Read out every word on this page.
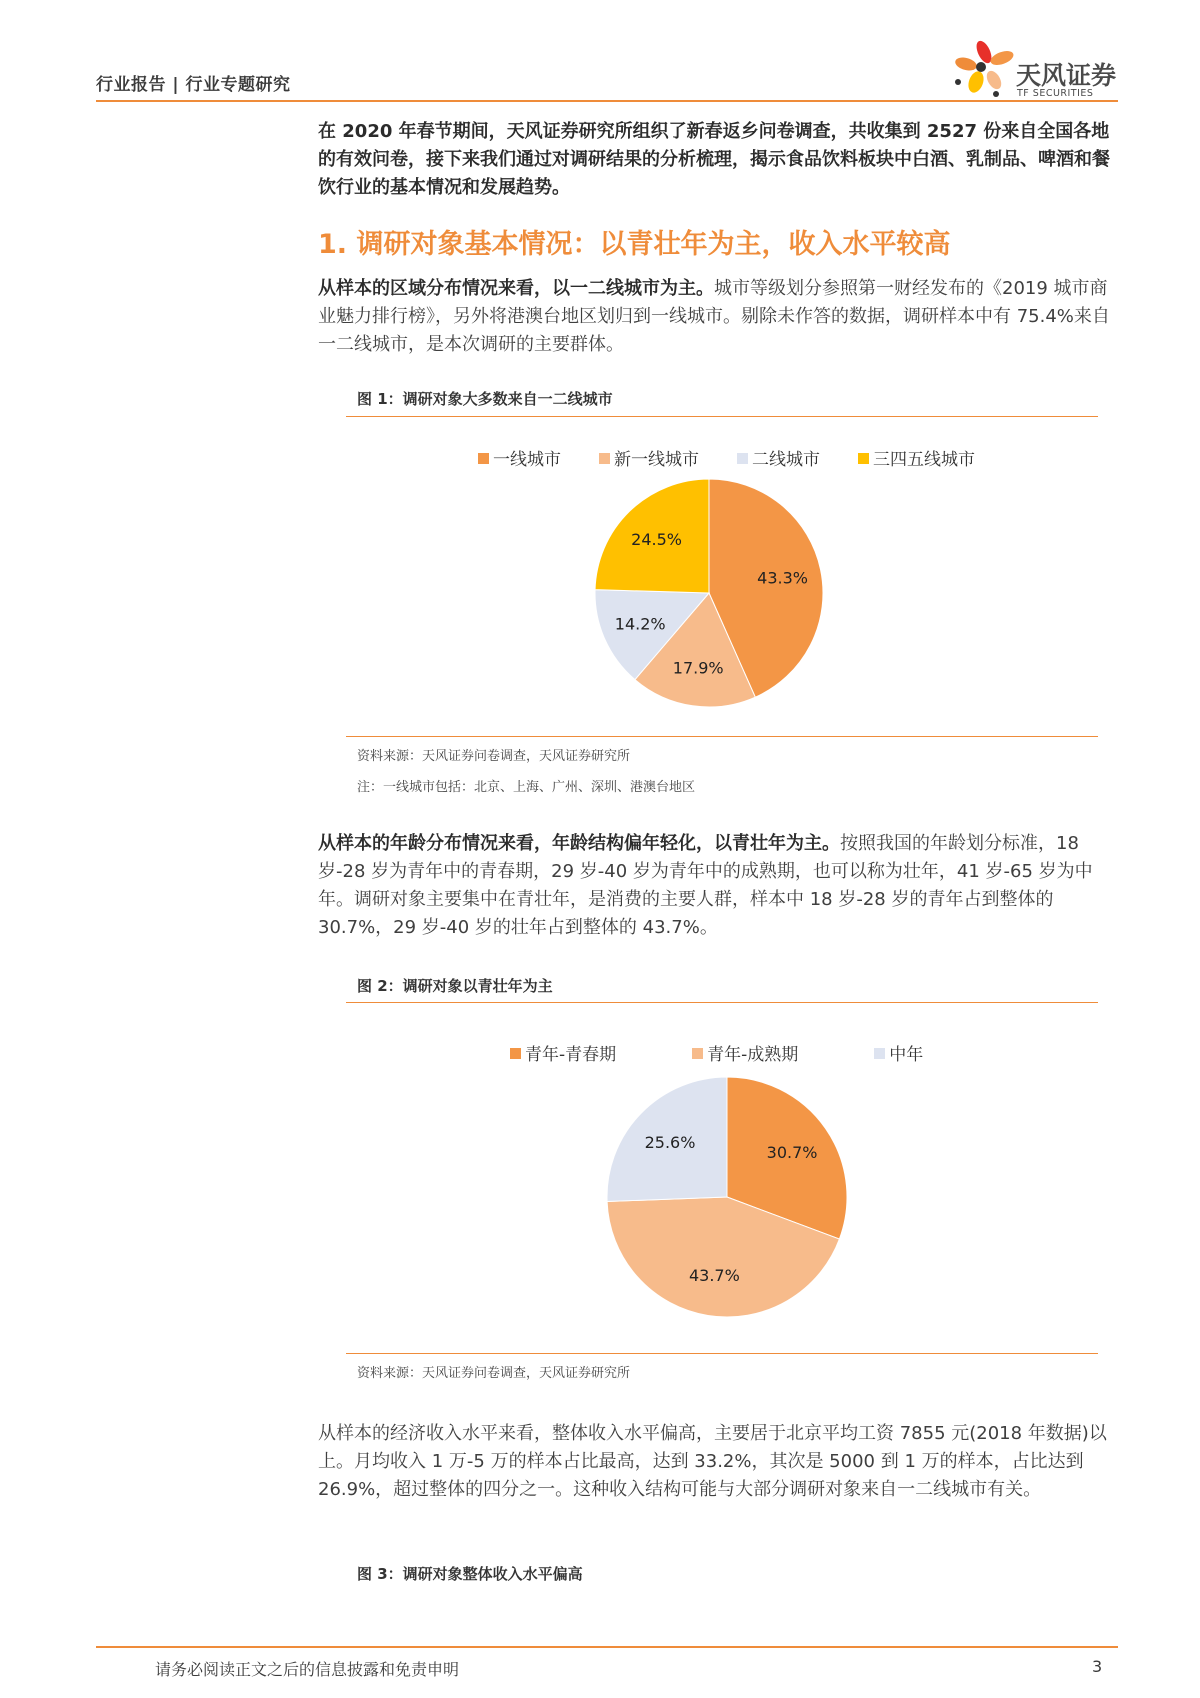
行业报告 | 行业专题研究	天风证券
TF SECURITIES

在 2020 年春节期间，天风证券研究所组织了新春返乡问卷调查，共收集到 2527 份来自全国各地的有效问卷，接下来我们通过对调研结果的分析梳理，揭示食品饮料板块中白酒、乳制品、啤酒和餐饮行业的基本情况和发展趋势。

1. 调研对象基本情况：以青壮年为主，收入水平较高

从样本的区域分布情况来看，以一二线城市为主。城市等级划分参照第一财经发布的《2019 城市商业魅力排行榜》，另外将港澳台地区划归到一线城市。剔除未作答的数据，调研样本中有 75.4%来自一二线城市，是本次调研的主要群体。

图 1：调研对象大多数来自一二线城市
一线城市	新一线城市	二线城市	三四五线城市
43.3%
17.9%
14.2%
24.5%
资料来源：天风证券问卷调查，天风证券研究所
注：一线城市包括：北京、上海、广州、深圳、港澳台地区

从样本的年龄分布情况来看，年龄结构偏年轻化，以青壮年为主。按照我国的年龄划分标准，18 岁-28 岁为青年中的青春期，29 岁-40 岁为青年中的成熟期，也可以称为壮年，41 岁-65 岁为中年。调研对象主要集中在青壮年，是消费的主要人群，样本中 18 岁-28 岁的青年占到整体的 30.7%，29 岁-40 岁的壮年占到整体的 43.7%。

图 2：调研对象以青壮年为主
青年-青春期	青年-成熟期	中年
30.7%
43.7%
25.6%
资料来源：天风证券问卷调查，天风证券研究所

从样本的经济收入水平来看，整体收入水平偏高，主要居于北京平均工资 7855 元(2018 年数据)以上。月均收入 1 万-5 万的样本占比最高，达到 33.2%，其次是 5000 到 1 万的样本，占比达到 26.9%，超过整体的四分之一。这种收入结构可能与大部分调研对象来自一二线城市有关。

图 3：调研对象整体收入水平偏高
请务必阅读正文之后的信息披露和免责申明	3
